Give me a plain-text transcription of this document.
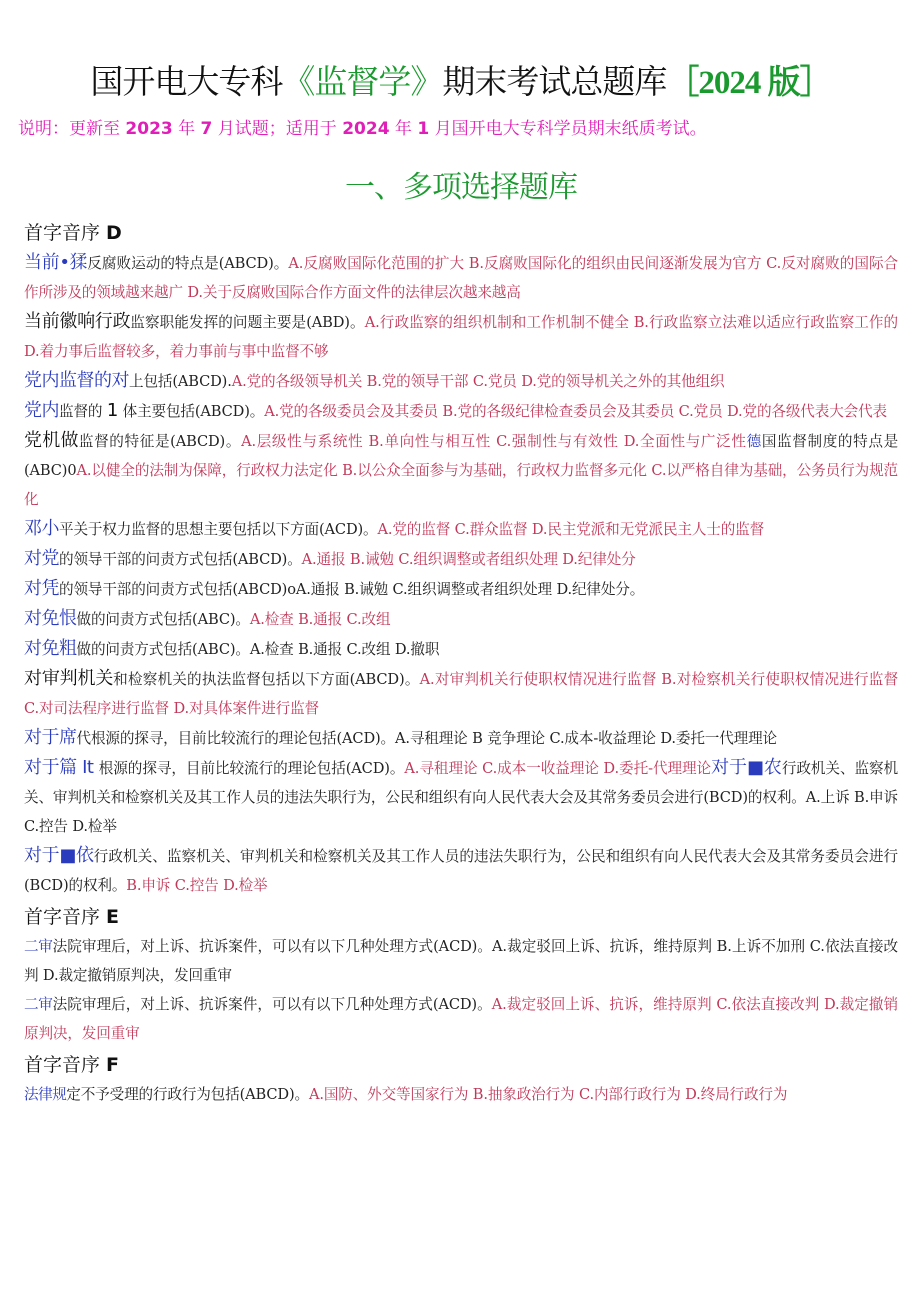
国开电大专科《监督学》期末考试总题库［2024 版］
说明：更新至 2023 年 7 月试题；适用于 2024 年 1 月国开电大专科学员期末纸质考试。
一、多项选择题库
首字音序 D
当前•猱反腐败运动的特点是(ABCD)。A.反腐败国际化范围的扩大 B.反腐败国际化的组织由民间逐渐发展为官方 C.反对腐败的国际合作所涉及的领域越来越广 D.关于反腐败国际合作方面文件的法律层次越来越高
当前徽响行政监察职能发挥的问题主要是(ABD)。A.行政监察的组织机制和工作机制不健全 B.行政监察立法难以适应行政监察工作的 D.着力事后监督较多，着力事前与事中监督不够
党内监督的对上包括(ABCD).A.党的各级领导机关 B.党的领导干部 C.党员 D.党的领导机关之外的其他组织
党内监督的 1 体主要包括(ABCD)。A.党的各级委员会及其委员 B.党的各级纪律检查委员会及其委员 C.党员 D.党的各级代表大会代表
党机做监督的特征是(ABCD)。A.层级性与系统性 B.单向性与相互性 C.强制性与有效性 D.全面性与广泛性德国监督制度的特点是(ABC)0A.以健全的法制为保障，行政权力法定化 B.以公众全面参与为基础，行政权力监督多元化 C.以严格自律为基础，公务员行为规范化
邓小平关于权力监督的思想主要包括以下方面(ACD)。A.党的监督 C.群众监督 D.民主党派和无党派民主人士的监督
对党的领导干部的问责方式包括(ABCD)。A.通报 B.诫勉 C.组织调整或者组织处理 D.纪律处分
对凭的领导干部的问责方式包括(ABCD)oA.通报 B.诫勉 C.组织调整或者组织处理 D.纪律处分。
对免恨做的问责方式包括(ABC)。A.检查 B.通报 C.改组
对免粗做的问责方式包括(ABC)。A.检查 B.通报 C.改组 D.撤职
对审判机关和检察机关的执法监督包括以下方面(ABCD)。A.对审判机关行使职权情况进行监督 B.对检察机关行使职权情况进行监督 C.对司法程序进行监督 D.对具体案件进行监督
对于席代根源的探寻，目前比较流行的理论包括(ACD)。A.寻租理论 B 竞争理论 C.成本-收益理论 D.委托一代理理论
对于篇 It 根源的探寻，目前比较流行的理论包括(ACD)。A.寻租理论 C.成本一收益理论 D.委托-代理理论对于■农行政机关、监察机关、审判机关和检察机关及其工作人员的违法失职行为，公民和组织有向人民代表大会及其常务委员会进行(BCD)的权利。A.上诉 B.申诉 C.控告 D.检举
对于■依行政机关、监察机关、审判机关和检察机关及其工作人员的违法失职行为，公民和组织有向人民代表大会及其常务委员会进行(BCD)的权利。B.申诉 C.控告 D.检举
首字音序 E
二审法院审理后，对上诉、抗诉案件，可以有以下几种处理方式(ACD)。A.裁定驳回上诉、抗诉，维持原判 B.上诉不加刑 C.依法直接改判 D.裁定撤销原判决，发回重审
二审法院审理后，对上诉、抗诉案件，可以有以下几种处理方式(ACD)。A.裁定驳回上诉、抗诉，维持原判 C.依法直接改判 D.裁定撤销原判决，发回重审
首字音序 F
法律规定不予受理的行政行为包括(ABCD)。A.国防、外交等国家行为 B.抽象政治行为 C.内部行政行为 D.终局行政行为
